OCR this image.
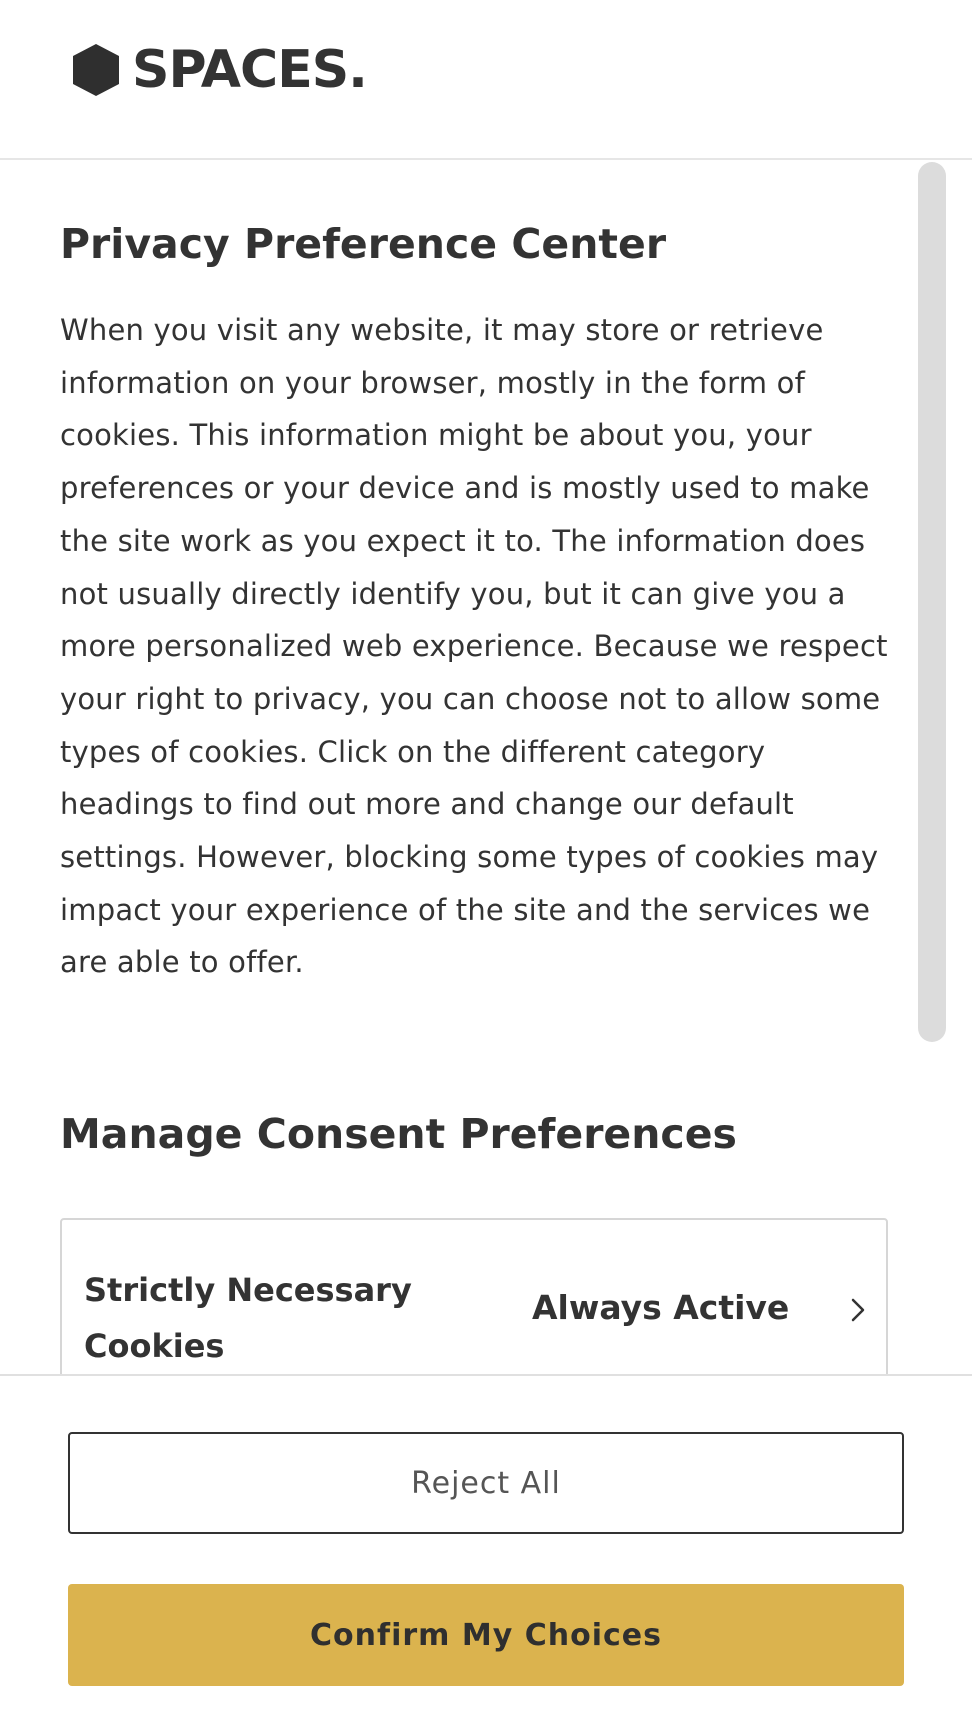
SPACES.
Privacy Preference Center

When you visit any website, it may store or retrieve information on your browser, mostly in the form of cookies. This information might be about you, your preferences or your device and is mostly used to make the site work as you expect it to. The information does not usually directly identify you, but it can give you a more personalized web experience. Because we respect your right to privacy, you can choose not to allow some types of cookies. Click on the different category headings to find out more and change our default settings. However, blocking some types of cookies may impact your experience of the site and the services we are able to offer.

Manage Consent Preferences
Strictly Necessary Cookies
Always Active
Reject All
Confirm My Choices
